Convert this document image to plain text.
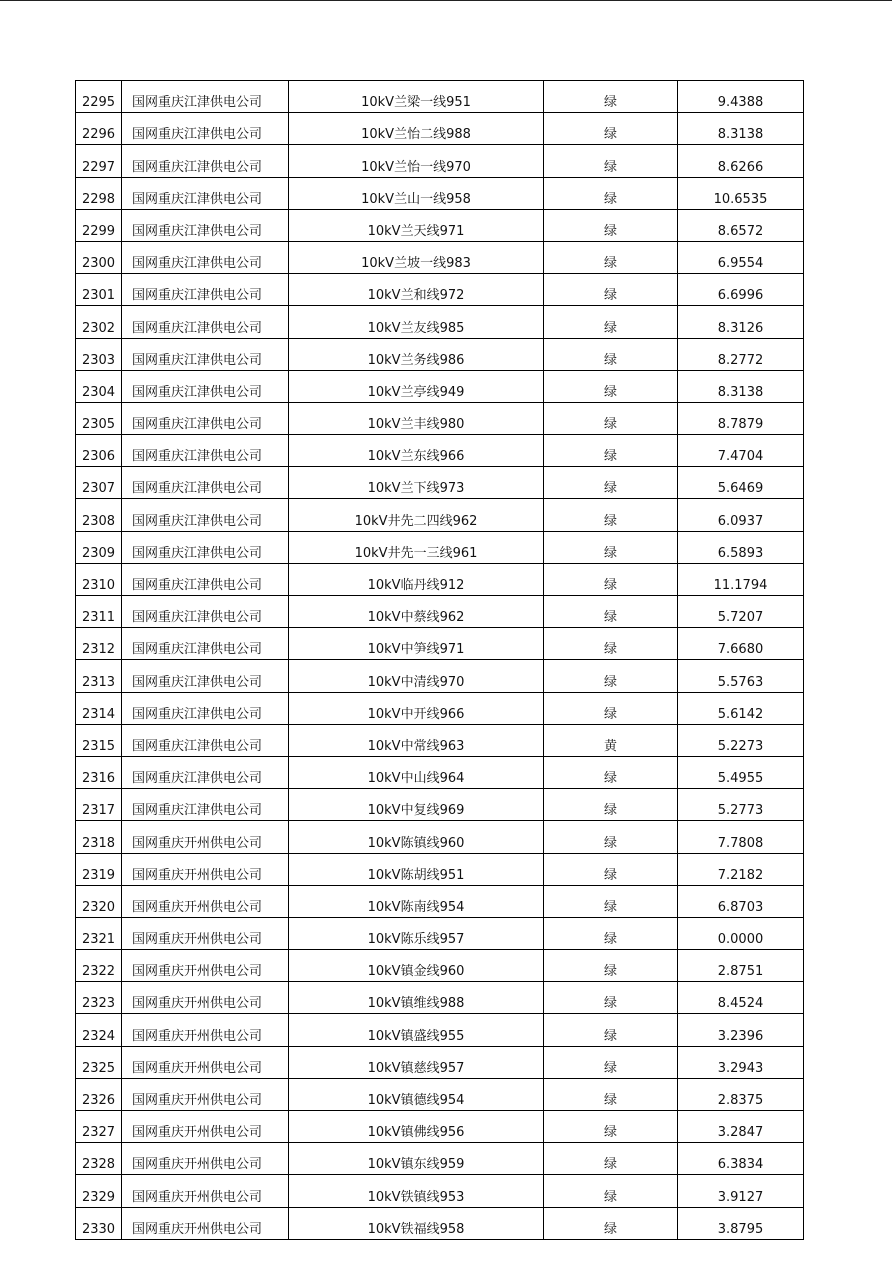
2295	国网重庆江津供电公司	10kV兰梁一线951	绿	9.4388
2296	国网重庆江津供电公司	10kV兰怡二线988	绿	8.3138
2297	国网重庆江津供电公司	10kV兰怡一线970	绿	8.6266
2298	国网重庆江津供电公司	10kV兰山一线958	绿	10.6535
2299	国网重庆江津供电公司	10kV兰天线971	绿	8.6572
2300	国网重庆江津供电公司	10kV兰坡一线983	绿	6.9554
2301	国网重庆江津供电公司	10kV兰和线972	绿	6.6996
2302	国网重庆江津供电公司	10kV兰友线985	绿	8.3126
2303	国网重庆江津供电公司	10kV兰务线986	绿	8.2772
2304	国网重庆江津供电公司	10kV兰亭线949	绿	8.3138
2305	国网重庆江津供电公司	10kV兰丰线980	绿	8.7879
2306	国网重庆江津供电公司	10kV兰东线966	绿	7.4704
2307	国网重庆江津供电公司	10kV兰下线973	绿	5.6469
2308	国网重庆江津供电公司	10kV井先二四线962	绿	6.0937
2309	国网重庆江津供电公司	10kV井先一三线961	绿	6.5893
2310	国网重庆江津供电公司	10kV临丹线912	绿	11.1794
2311	国网重庆江津供电公司	10kV中蔡线962	绿	5.7207
2312	国网重庆江津供电公司	10kV中笋线971	绿	7.6680
2313	国网重庆江津供电公司	10kV中清线970	绿	5.5763
2314	国网重庆江津供电公司	10kV中开线966	绿	5.6142
2315	国网重庆江津供电公司	10kV中常线963	黄	5.2273
2316	国网重庆江津供电公司	10kV中山线964	绿	5.4955
2317	国网重庆江津供电公司	10kV中复线969	绿	5.2773
2318	国网重庆开州供电公司	10kV陈镇线960	绿	7.7808
2319	国网重庆开州供电公司	10kV陈胡线951	绿	7.2182
2320	国网重庆开州供电公司	10kV陈南线954	绿	6.8703
2321	国网重庆开州供电公司	10kV陈乐线957	绿	0.0000
2322	国网重庆开州供电公司	10kV镇金线960	绿	2.8751
2323	国网重庆开州供电公司	10kV镇维线988	绿	8.4524
2324	国网重庆开州供电公司	10kV镇盛线955	绿	3.2396
2325	国网重庆开州供电公司	10kV镇慈线957	绿	3.2943
2326	国网重庆开州供电公司	10kV镇德线954	绿	2.8375
2327	国网重庆开州供电公司	10kV镇佛线956	绿	3.2847
2328	国网重庆开州供电公司	10kV镇东线959	绿	6.3834
2329	国网重庆开州供电公司	10kV铁镇线953	绿	3.9127
2330	国网重庆开州供电公司	10kV铁福线958	绿	3.8795
